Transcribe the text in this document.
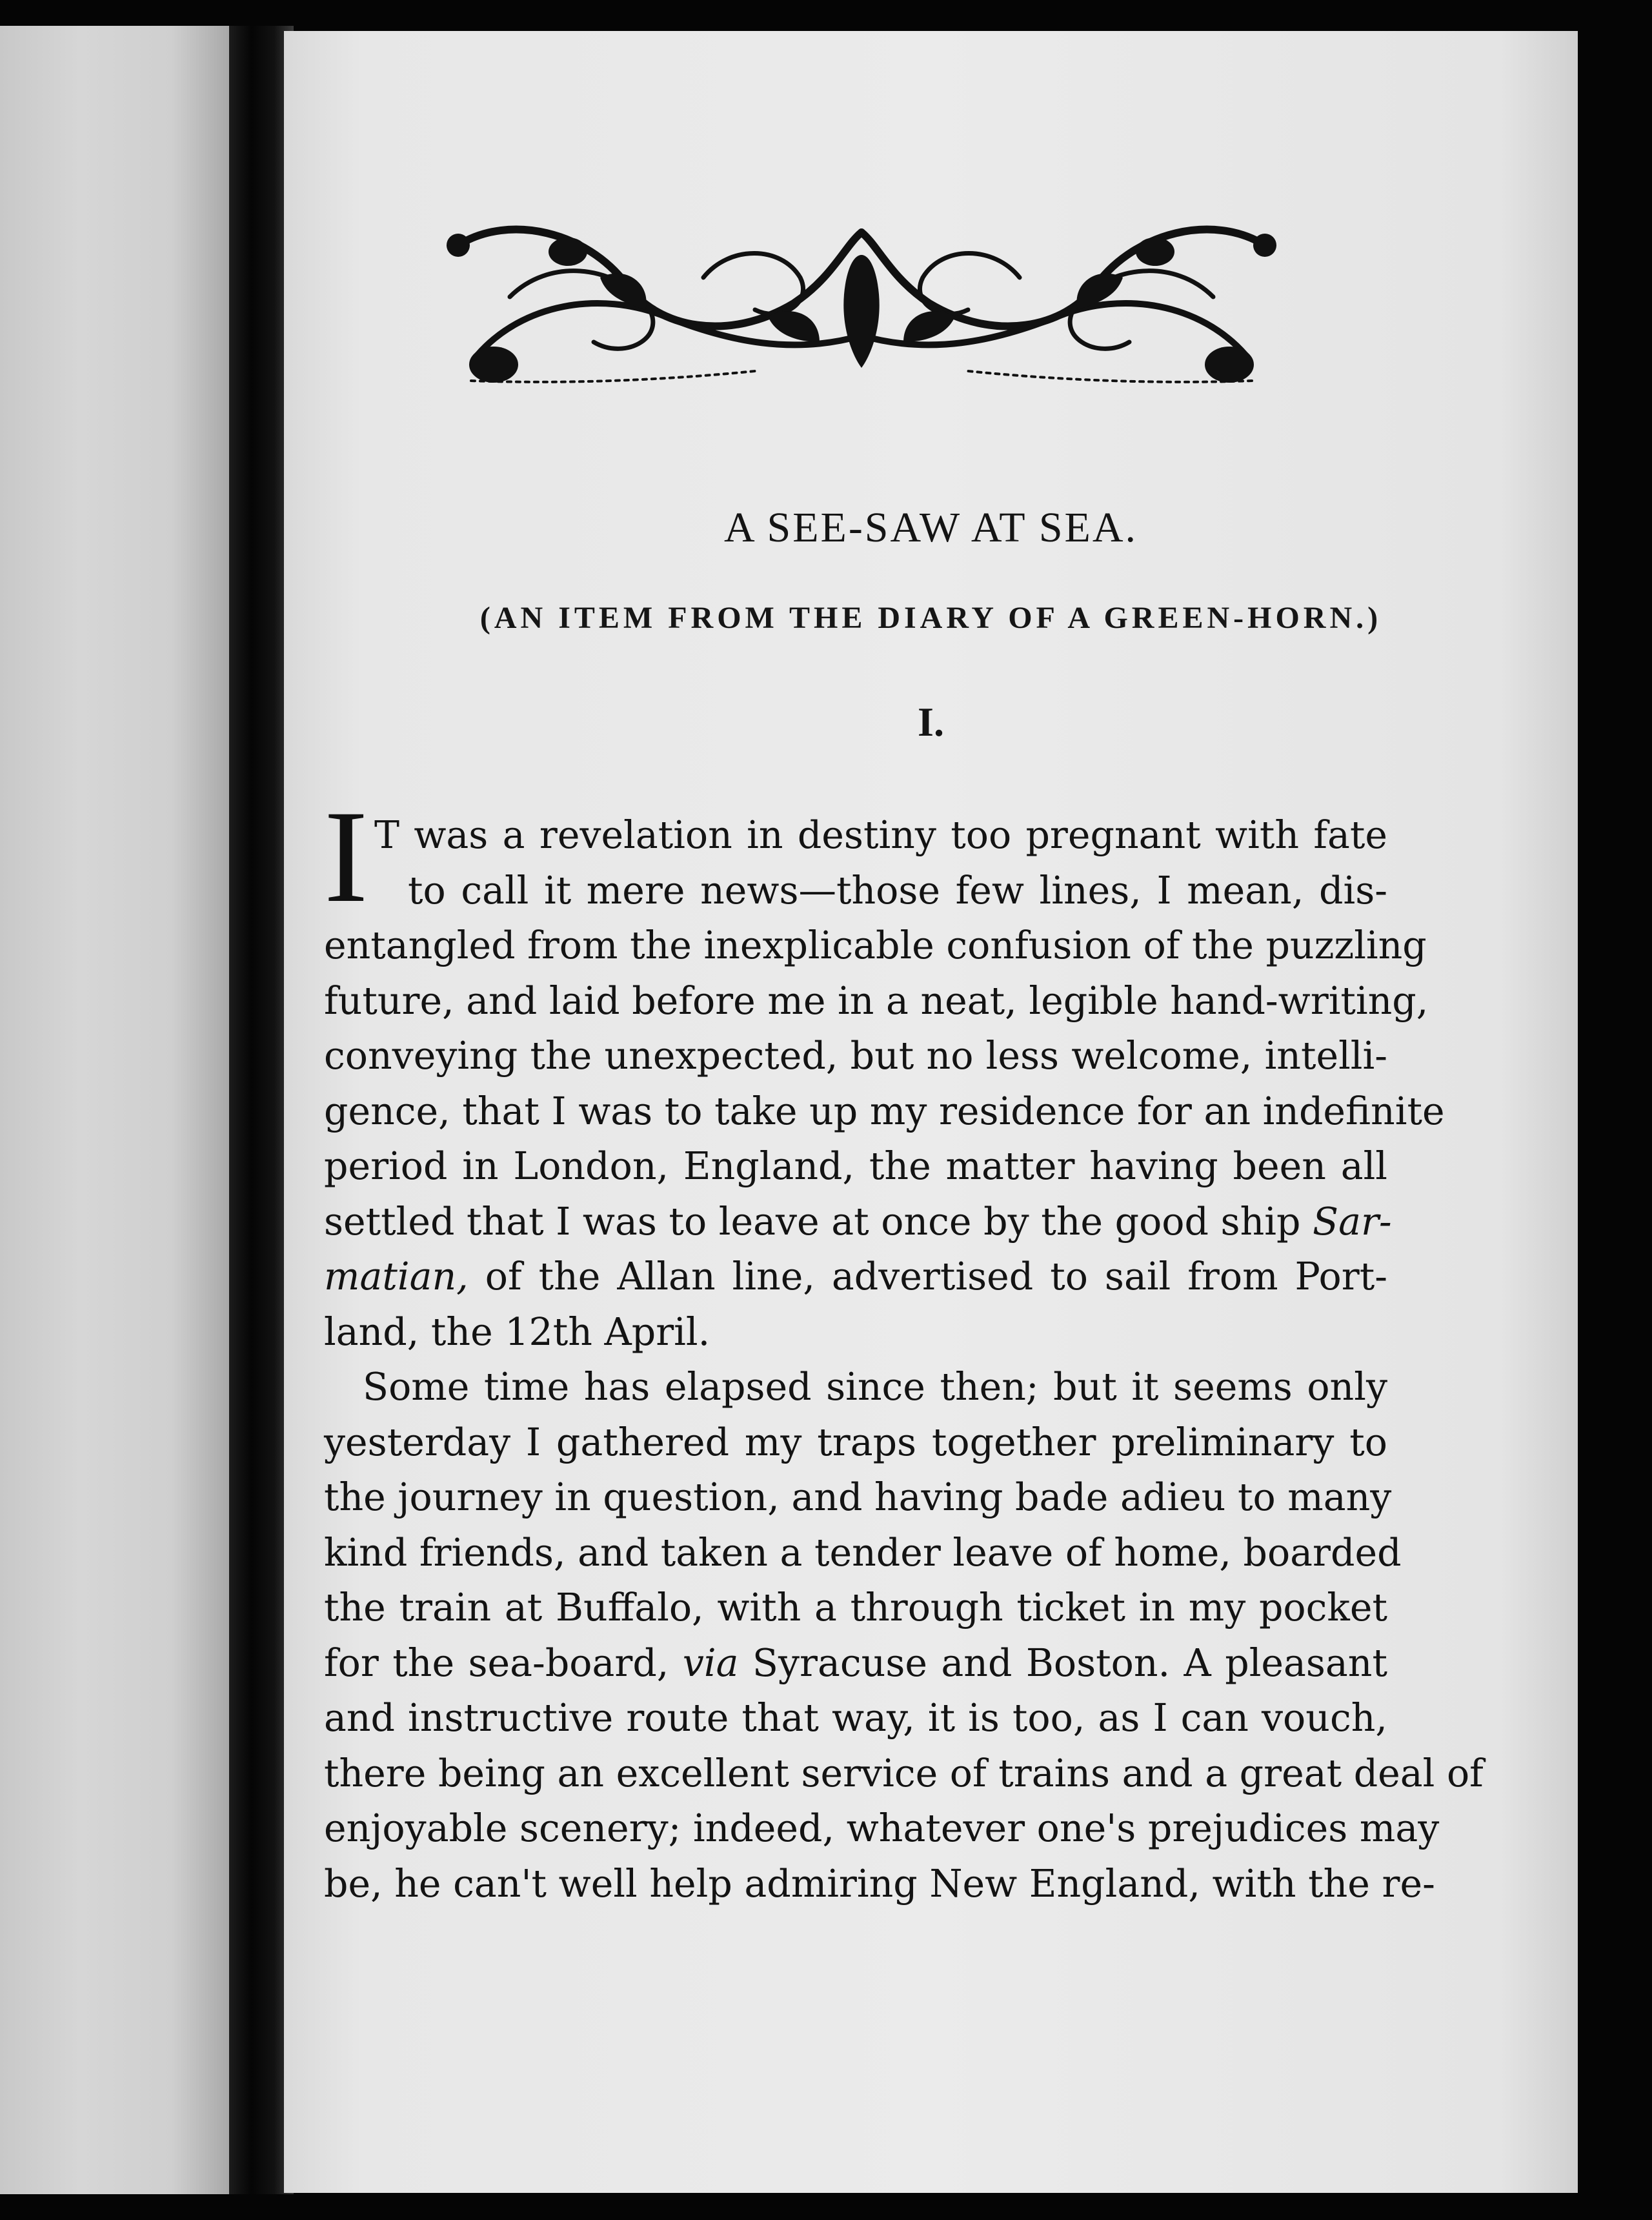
A SEE-SAW AT SEA.
(AN ITEM FROM THE DIARY OF A GREEN-HORN.)
I.
I T was a revelation in destiny too pregnant with fate
to call it mere news—those few lines, I mean, dis-
entangled from the inexplicable confusion of the puzzling
future, and laid before me in a neat, legible hand-writing,
conveying the unexpected, but no less welcome, intelli-
gence, that I was to take up my residence for an indefinite
period in London, England, the matter having been all
settled that I was to leave at once by the good ship Sar-
matian, of the Allan line, advertised to sail from Port-
land, the 12th April.
Some time has elapsed since then; but it seems only
yesterday I gathered my traps together preliminary to
the journey in question, and having bade adieu to many
kind friends, and taken a tender leave of home, boarded
the train at Buffalo, with a through ticket in my pocket
for the sea-board, via Syracuse and Boston. A pleasant
and instructive route that way, it is too, as I can vouch,
there being an excellent service of trains and a great deal of
enjoyable scenery; indeed, whatever one's prejudices may
be, he can't well help admiring New England, with the re-
